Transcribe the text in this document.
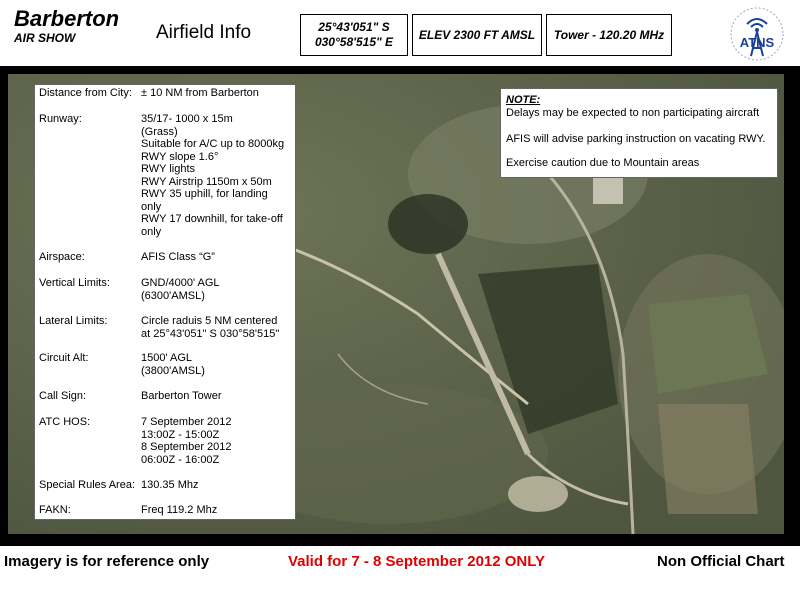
Barberton
AIR SHOW	Airfield Info	25°43'051" S
030°58'515" E
ELEV 2300 FT AMSL Tower - 120.20 MHz
ATNS
Distance from City: ± 10 NM from Barberton
Runway:	35/17- 1000 x 15m
(Grass)
Suitable for A/C up to 8000kg
RWY slope 1.6°
RWY lights
RWY Airstrip 1150m x 50m
RWY 35 uphill, for landing
only
RWY 17 downhill, for take-off
only
Airspace:	AFIS Class “G”
Vertical Limits:	GND/4000' AGL
(6300'AMSL)
Lateral Limits:	Circle raduis 5 NM centered
at 25°43'051" S 030°58'515"
Circuit Alt:	1500' AGL
(3800'AMSL)
Call Sign:	Barberton Tower
ATC HOS:	7 September 2012
13:00Z - 15:00Z
8 September 2012
06:00Z - 16:00Z
Special Rules Area: 130.35 Mhz
FAKN:	Freq 119.2 Mhz
NOTE:
Delays may be expected to non participating aircraft
AFIS will advise parking instruction on vacating RWY.
Exercise caution due to Mountain areas
Imagery is for reference only	Valid for 7 - 8 September 2012 ONLY	Non Official Chart
